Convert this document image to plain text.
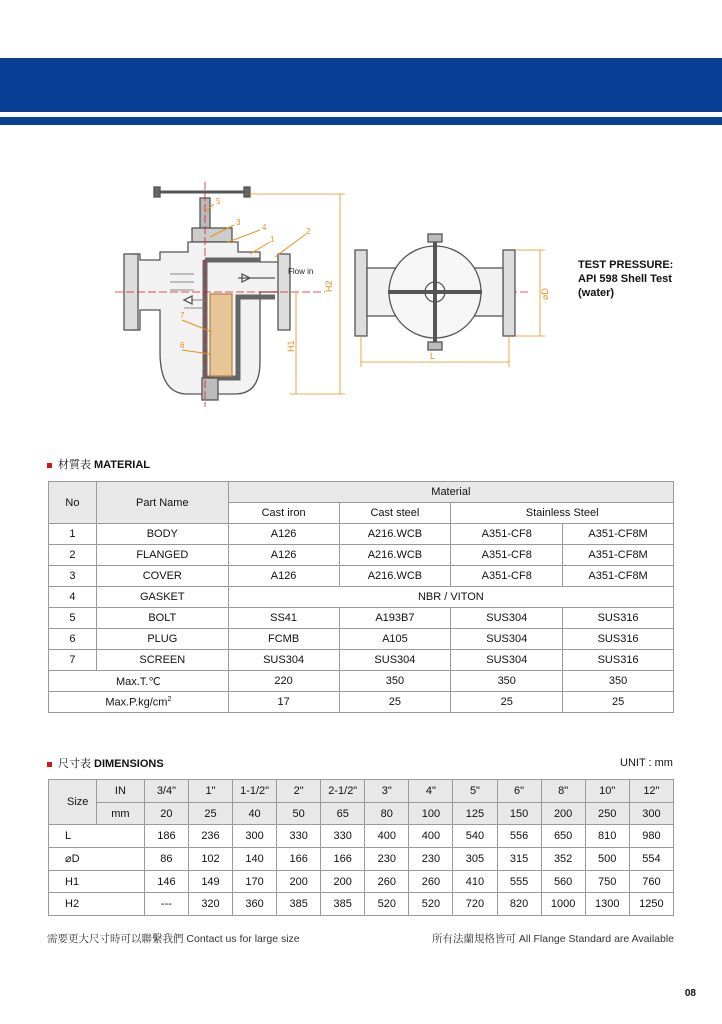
5
3
4
1
2
7
6
Flow in
H1
H2
L
⌀D
TEST PRESSURE:
API 598 Shell Test
(water)
材質表 MATERIAL
No	Part Name	Material			
		Cast iron	Cast steel	Stainless Steel	
1	BODY	A126	A216.WCB	A351-CF8	A351-CF8M
2	FLANGED	A126	A216.WCB	A351-CF8	A351-CF8M
3	COVER	A126	A216.WCB	A351-CF8	A351-CF8M
4	GASKET	NBR / VITON			
5	BOLT	SS41	A193B7	SUS304	SUS316
6	PLUG	FCMB	A105	SUS304	SUS316
7	SCREEN	SUS304	SUS304	SUS304	SUS316
Max.T.℃		220	350	350	350
$Max.P.kg/cm^2$		17	25	25	25
尺寸表 DIMENSIONS	UNIT : mm
Size	IN	3/4"	1"	1-1/2"	2"	2-1/2"	3"	4"	5"	6"	8"	10"	12"
	mm	20	25	40	50	65	80	100	125	150	200	250	300
L		186	236	300	330	330	400	400	540	556	650	810	980
⌀D		86	102	140	166	166	230	230	305	315	352	500	554
H1		146	149	170	200	200	260	260	410	555	560	750	760
H2		---	320	360	385	385	520	520	720	820	1000	1300	1250
需要更大尺寸時可以聯繫我們 Contact us for large size	所有法蘭規格皆可 All Flange Standard are Available
08
